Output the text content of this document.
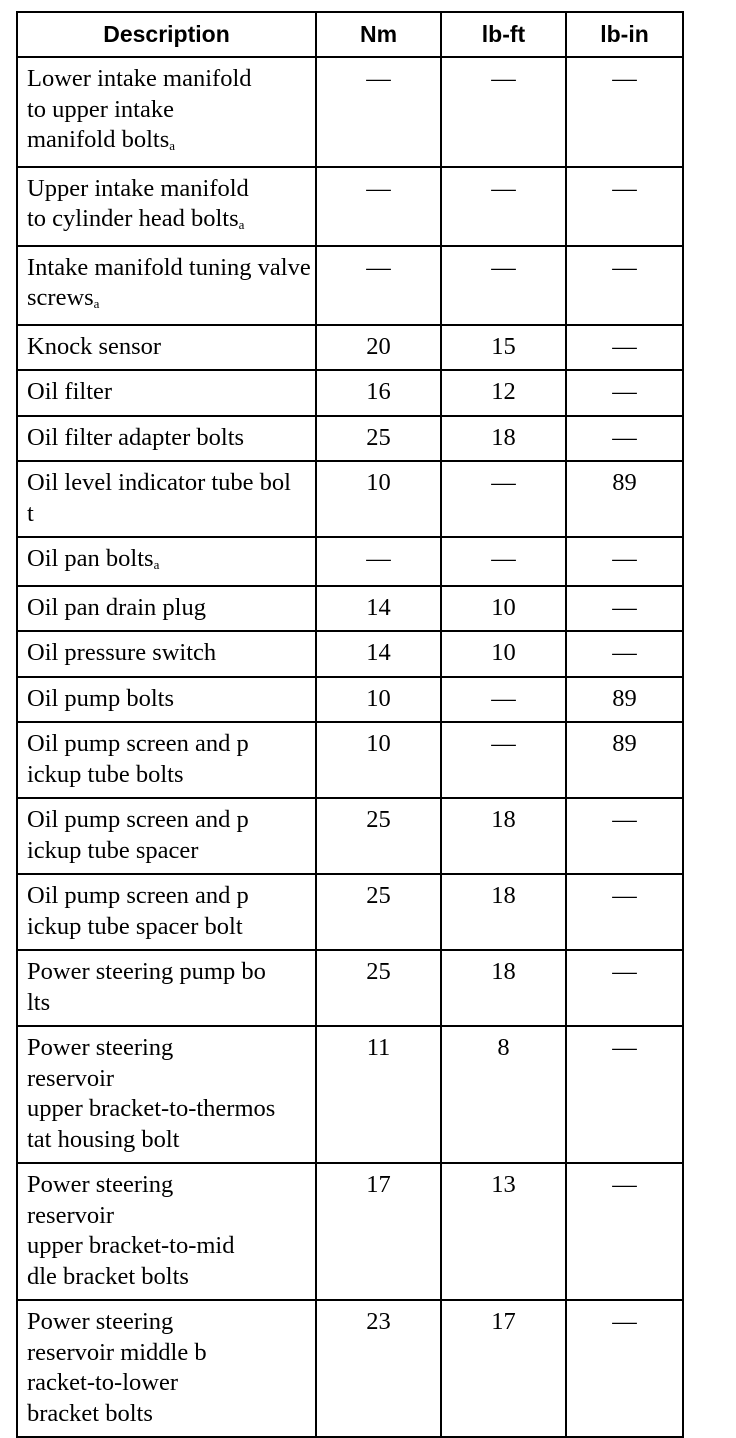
Description	Nm	lb-ft	lb-in
Lower intake manifold
to upper intake
manifold boltsa	—	—	—
Upper intake manifold
to cylinder head boltsa	—	—	—
Intake manifold tuning valve
screwsa	—	—	—
Knock sensor	20	15	—
Oil filter	16	12	—
Oil filter adapter bolts	25	18	—
Oil level indicator tube bol
t	10	—	89
Oil pan boltsa	—	—	—
Oil pan drain plug	14	10	—
Oil pressure switch	14	10	—
Oil pump bolts	10	—	89
Oil pump screen and p
ickup tube bolts	10	—	89
Oil pump screen and p
ickup tube spacer	25	18	—
Oil pump screen and p
ickup tube spacer bolt	25	18	—
Power steering pump bo
lts	25	18	—
Power steering
reservoir
upper bracket-to-thermos
tat housing bolt	11	8	—
Power steering
reservoir
upper bracket-to-mid
dle bracket bolts	17	13	—
Power steering
reservoir middle b
racket-to-lower
bracket bolts	23	17	—
